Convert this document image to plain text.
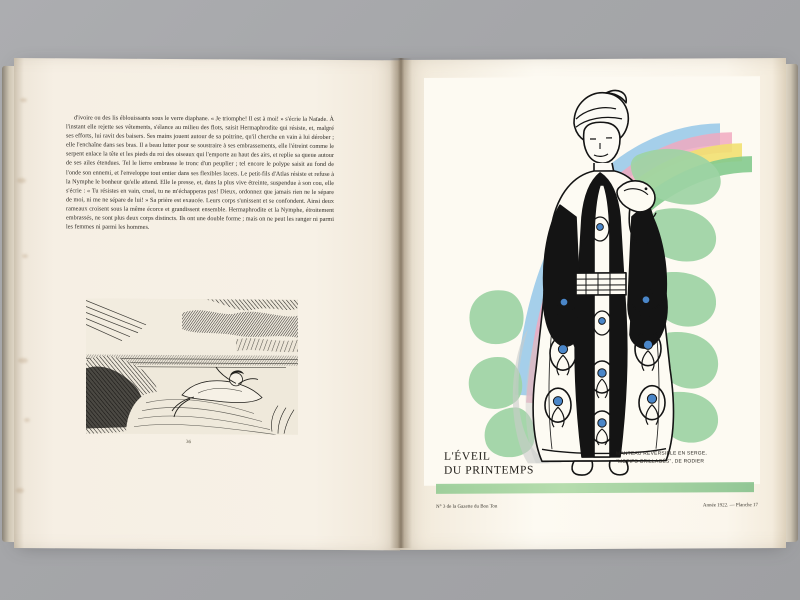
d'ivoire ou des lis éblouissants sous le verre diaphane. « Je triomphe! Il est à moi! » s'écrie la Naïade. À l'instant elle rejette ses vêtements, s'élance au milieu des flots, saisit Hermaphrodite qui résiste, et, malgré ses efforts, lui ravit des baisers. Ses mains jouent autour de sa poitrine, qu'il cherche en vain à lui dérober ; elle l'enchaîne dans ses bras. Il a beau lutter pour se soustraire à ses embrassements, elle l'étreint comme le serpent enlace la tête et les pieds du roi des oiseaux qui l'emporte au haut des airs, et replie sa queue autour de ses ailes étendues. Tel le lierre embrasse le tronc d'un peuplier ; tel encore le polype saisit au fond de l'onde son ennemi, et l'enveloppe tout entier dans ses flexibles lacets. Le petit-fils d'Atlas résiste et refuse à la Nymphe le bonheur qu'elle attend. Elle le presse, et, dans la plus vive étreinte, suspendue à son cou, elle s'écrie : « Tu résistes en vain, cruel, tu ne m'échapperas pas! Dieux, ordonnez que jamais rien ne le sépare de moi, ni me ne sépare de lui! » Sa prière est exaucée. Leurs corps s'unissent et se confondent. Ainsi deux rameaux croisent sous la même écorce et grandissent ensemble. Hermaphrodite et la Nymphe, étroitement embrassés, ne sont plus deux corps distincts. Ils ont une double forme ; mais on ne peut les ranger ni parmi les femmes ni parmi les hommes.

36
L'ÉVEIL
DU PRINTEMPS
MANTEAU RÉVERSIBLE EN SERGE,
"MOTIFS GRILLAGÉS", DE RODIER
N° 3 de la Gazette du Bon Ton	Année 1922. — Planche 17
